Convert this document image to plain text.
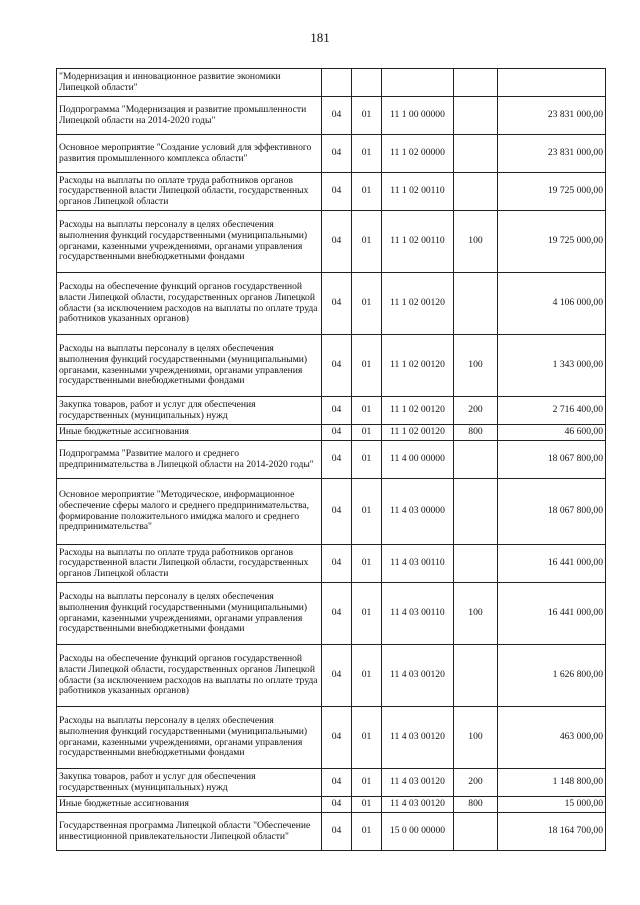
181
"Модернизация и инновационное развитие экономики Липецкой области"					
Подпрограмма "Модернизация и развитие промышленности Липецкой области на 2014-2020 годы"	04	01	11 1 00 00000		23 831 000,00
Основное мероприятие "Создание условий для эффективного развития промышленного комплекса области"	04	01	11 1 02 00000		23 831 000,00
Расходы на выплаты по оплате труда работников органов государственной власти Липецкой области, государственных органов Липецкой области	04	01	11 1 02 00110		19 725 000,00
Расходы на выплаты персоналу в целях обеспечения выполнения функций государственными (муниципальными) органами, казенными учреждениями, органами управления государственными внебюджетными фондами	04	01	11 1 02 00110	100	19 725 000,00
Расходы на обеспечение функций органов государственной власти Липецкой области, государственных органов Липецкой области (за исключением расходов на выплаты по оплате труда работников указанных органов)	04	01	11 1 02 00120		4 106 000,00
Расходы на выплаты персоналу в целях обеспечения выполнения функций государственными (муниципальными) органами, казенными учреждениями, органами управления государственными внебюджетными фондами	04	01	11 1 02 00120	100	1 343 000,00
Закупка товаров, работ и услуг для обеспечения государственных (муниципальных) нужд	04	01	11 1 02 00120	200	2 716 400,00
Иные бюджетные ассигнования	04	01	11 1 02 00120	800	46 600,00
Подпрограмма "Развитие малого и среднего предпринимательства в Липецкой области на 2014-2020 годы"	04	01	11 4 00 00000		18 067 800,00
Основное мероприятие "Методическое, информационное обеспечение сферы малого и среднего предпринимательства, формирование положительного имиджа малого и среднего предпринимательства"	04	01	11 4 03 00000		18 067 800,00
Расходы на выплаты по оплате труда работников органов государственной власти Липецкой области, государственных органов Липецкой области	04	01	11 4 03 00110		16 441 000,00
Расходы на выплаты персоналу в целях обеспечения выполнения функций государственными (муниципальными) органами, казенными учреждениями, органами управления государственными внебюджетными фондами	04	01	11 4 03 00110	100	16 441 000,00
Расходы на обеспечение функций органов государственной власти Липецкой области, государственных органов Липецкой области (за исключением расходов на выплаты по оплате труда работников указанных органов)	04	01	11 4 03 00120		1 626 800,00
Расходы на выплаты персоналу в целях обеспечения выполнения функций государственными (муниципальными) органами, казенными учреждениями, органами управления государственными внебюджетными фондами	04	01	11 4 03 00120	100	463 000,00
Закупка товаров, работ и услуг для обеспечения государственных (муниципальных) нужд	04	01	11 4 03 00120	200	1 148 800,00
Иные бюджетные ассигнования	04	01	11 4 03 00120	800	15 000,00
Государственная программа Липецкой области "Обеспечение инвестиционной привлекательности Липецкой области"	04	01	15 0 00 00000		18 164 700,00
